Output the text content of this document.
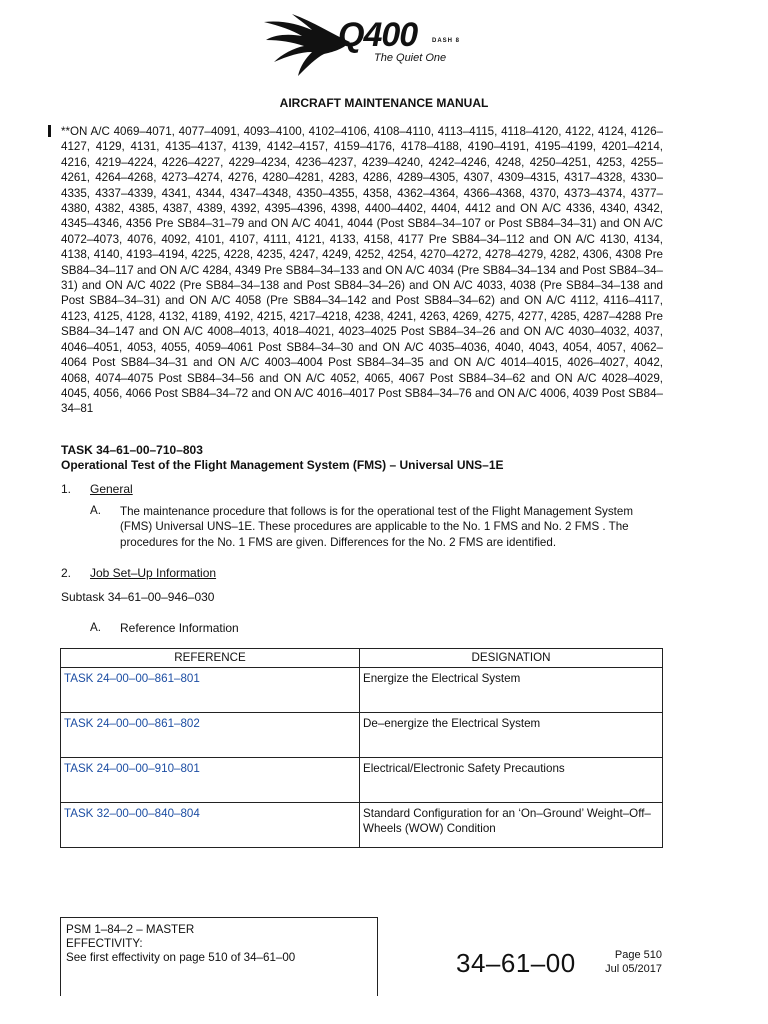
Q400 DASH 8
The Quiet One
AIRCRAFT MAINTENANCE MANUAL
**ON A/C 4069–4071, 4077–4091, 4093–4100, 4102–4106, 4108–4110, 4113–4115, 4118–4120, 4122, 4124, 4126–4127, 4129, 4131, 4135–4137, 4139, 4142–4157, 4159–4176, 4178–4188, 4190–4191, 4195–4199, 4201–4214, 4216, 4219–4224, 4226–4227, 4229–4234, 4236–4237, 4239–4240, 4242–4246, 4248, 4250–4251, 4253, 4255–4261, 4264–4268, 4273–4274, 4276, 4280–4281, 4283, 4286, 4289–4305, 4307, 4309–4315, 4317–4328, 4330–4335, 4337–4339, 4341, 4344, 4347–4348, 4350–4355, 4358, 4362–4364, 4366–4368, 4370, 4373–4374, 4377–4380, 4382, 4385, 4387, 4389, 4392, 4395–4396, 4398, 4400–4402, 4404, 4412 and ON A/C 4336, 4340, 4342, 4345–4346, 4356 Pre SB84–31–79 and ON A/C 4041, 4044 (Post SB84–34–107 or Post SB84–34–31) and ON A/C 4072–4073, 4076, 4092, 4101, 4107, 4111, 4121, 4133, 4158, 4177 Pre SB84–34–112 and ON A/C 4130, 4134, 4138, 4140, 4193–4194, 4225, 4228, 4235, 4247, 4249, 4252, 4254, 4270–4272, 4278–4279, 4282, 4306, 4308 Pre SB84–34–117 and ON A/C 4284, 4349 Pre SB84–34–133 and ON A/C 4034 (Pre SB84–34–134 and Post SB84–34–31) and ON A/C 4022 (Pre SB84–34–138 and Post SB84–34–26) and ON A/C 4033, 4038 (Pre SB84–34–138 and Post SB84–34–31) and ON A/C 4058 (Pre SB84–34–142 and Post SB84–34–62) and ON A/C 4112, 4116–4117, 4123, 4125, 4128, 4132, 4189, 4192, 4215, 4217–4218, 4238, 4241, 4263, 4269, 4275, 4277, 4285, 4287–4288 Pre SB84–34–147 and ON A/C 4008–4013, 4018–4021, 4023–4025 Post SB84–34–26 and ON A/C 4030–4032, 4037, 4046–4051, 4053, 4055, 4059–4061 Post SB84–34–30 and ON A/C 4035–4036, 4040, 4043, 4054, 4057, 4062–4064 Post SB84–34–31 and ON A/C 4003–4004 Post SB84–34–35 and ON A/C 4014–4015, 4026–4027, 4042, 4068, 4074–4075 Post SB84–34–56 and ON A/C 4052, 4065, 4067 Post SB84–34–62 and ON A/C 4028–4029, 4045, 4056, 4066 Post SB84–34–72 and ON A/C 4016–4017 Post SB84–34–76 and ON A/C 4006, 4039 Post SB84–34–81
TASK 34–61–00–710–803
Operational Test of the Flight Management System (FMS) – Universal UNS–1E
1. General
A. The maintenance procedure that follows is for the operational test of the Flight Management System (FMS) Universal UNS–1E. These procedures are applicable to the No. 1 FMS and No. 2 FMS . The procedures for the No. 1 FMS are given. Differences for the No. 2 FMS are identified.
2. Job Set–Up Information
Subtask 34–61–00–946–030
A. Reference Information
REFERENCE	DESIGNATION
TASK 24–00–00–861–801	Energize the Electrical System
TASK 24–00–00–861–802	De–energize the Electrical System
TASK 24–00–00–910–801	Electrical/Electronic Safety Precautions
TASK 32–00–00–840–804	Standard Configuration for an ‘On–Ground’ Weight–Off–Wheels (WOW) Condition
PSM 1–84–2 – MASTER
EFFECTIVITY:
See first effectivity on page 510 of 34–61–00	34–61–00	Page 510
Jul 05/2017
